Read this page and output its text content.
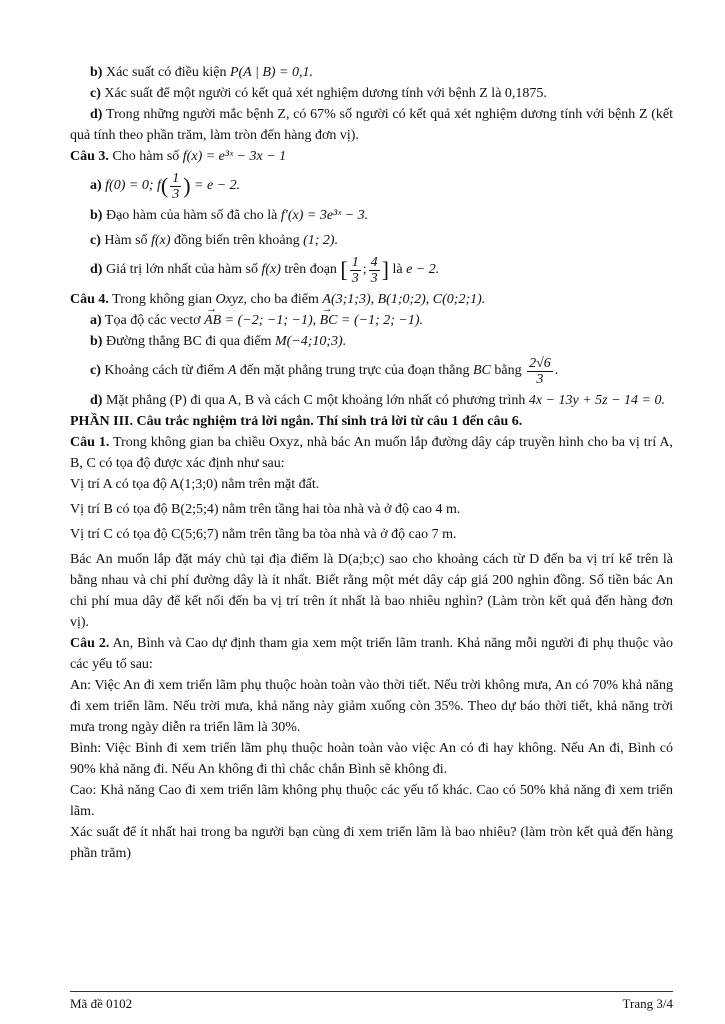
b) Xác suất có điều kiện P(A | B) = 0,1.

c) Xác suất để một người có kết quả xét nghiệm dương tính với bệnh Z là 0,1875.

d) Trong những người mắc bệnh Z, có 67% số người có kết quả xét nghiệm dương tính với bệnh Z (kết quả tính theo phần trăm, làm tròn đến hàng đơn vị).

Câu 3. Cho hàm số f(x) = e³ˣ − 3x − 1

a) f(0) = 0; $f( \frac{1}{3}$ ) = e − 2.

b) Đạo hàm của hàm số đã cho là f′(x) = 3e³ˣ − 3.

c) Hàm số f(x) đồng biến trên khoảng (1; 2).

d) Giá trị lớn nhất của hàm số f(x) trên đoạn [ $\frac{1}{3}$ ; $\frac{4}{3}$ ] là e − 2.

Câu 4. Trong không gian Oxyz, cho ba điểm A(3;1;3), B(1;0;2), C(0;2;1).

a) Tọa độ các vectơ → AB = (−2; −1; −1), → BC = (−1; 2; −1).

b) Đường thẳng BC đi qua điểm M(−4;10;3).

c) Khoảng cách từ điểm A đến mặt phẳng trung trực của đoạn thẳng BC bằng $\frac{2√6}{3}$ .

d) Mặt phẳng (P) đi qua A, B và cách C một khoảng lớn nhất có phương trình 4x − 13y + 5z − 14 = 0.

PHẦN III. Câu trắc nghiệm trả lời ngắn. Thí sinh trả lời từ câu 1 đến câu 6.

Câu 1. Trong không gian ba chiều Oxyz, nhà bác An muốn lắp đường dây cáp truyền hình cho ba vị trí A, B, C có tọa độ được xác định như sau:

Vị trí A có tọa độ A(1;3;0) nằm trên mặt đất.

Vị trí B có tọa độ B(2;5;4) nằm trên tầng hai tòa nhà và ở độ cao 4 m.

Vị trí C có tọa độ C(5;6;7) nằm trên tầng ba tòa nhà và ở độ cao 7 m.

Bác An muốn lắp đặt máy chủ tại địa điểm là D(a;b;c) sao cho khoảng cách từ D đến ba vị trí kể trên là bằng nhau và chi phí đường dây là ít nhất. Biết rằng một mét dây cáp giá 200 nghìn đồng. Số tiền bác An chi phí mua dây để kết nối đến ba vị trí trên ít nhất là bao nhiêu nghìn? (Làm tròn kết quả đến hàng đơn vị).

Câu 2. An, Bình và Cao dự định tham gia xem một triển lãm tranh. Khả năng mỗi người đi phụ thuộc vào các yếu tố sau:

An: Việc An đi xem triển lãm phụ thuộc hoàn toàn vào thời tiết. Nếu trời không mưa, An có 70% khả năng đi xem triển lãm. Nếu trời mưa, khả năng này giảm xuống còn 35%. Theo dự báo thời tiết, khả năng trời mưa trong ngày diễn ra triển lãm là 30%.

Bình: Việc Bình đi xem triển lãm phụ thuộc hoàn toàn vào việc An có đi hay không. Nếu An đi, Bình có 90% khả năng đi. Nếu An không đi thì chắc chắn Bình sẽ không đi.

Cao: Khả năng Cao đi xem triển lãm không phụ thuộc các yếu tố khác. Cao có 50% khả năng đi xem triển lãm.

Xác suất để ít nhất hai trong ba người bạn cùng đi xem triển lãm là bao nhiêu? (làm tròn kết quả đến hàng phần trăm)

Mã đề 0102	Trang 3/4
